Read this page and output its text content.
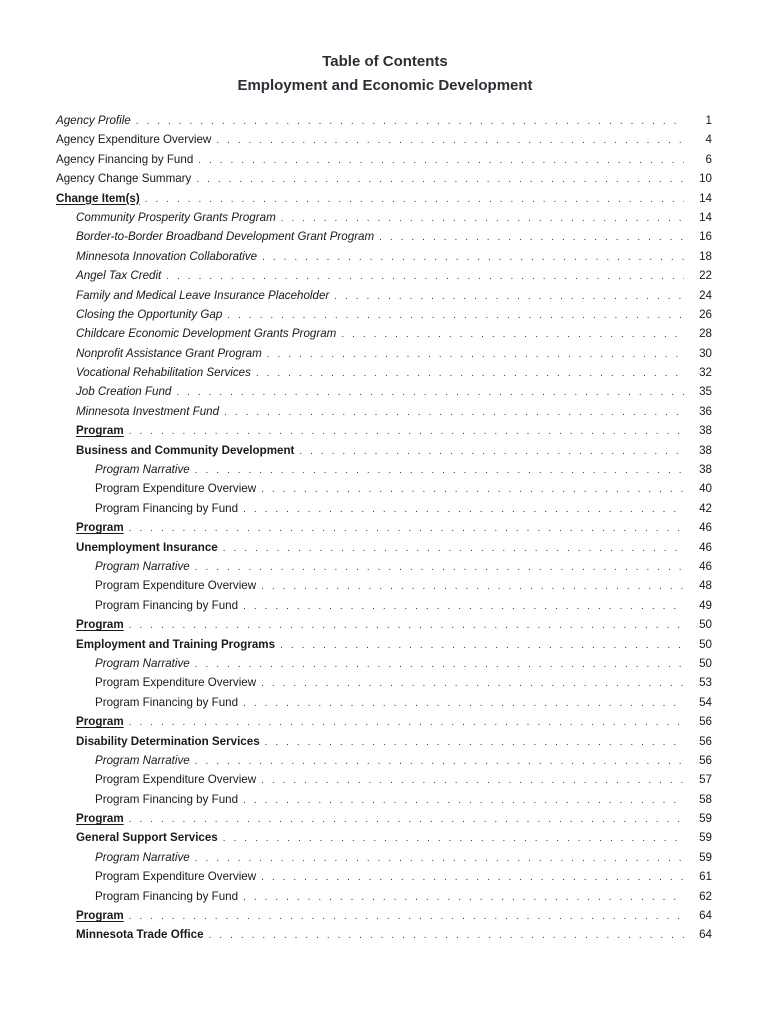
Table of Contents
Employment and Economic Development
Agency Profile . . .	1
Agency Expenditure Overview . . .	4
Agency Financing by Fund . . .	6
Agency Change Summary . . .	10
Change Item(s) . . .	14
Community Prosperity Grants Program . . .	14
Border-to-Border Broadband Development Grant Program . . .	16
Minnesota Innovation Collaborative . . .	18
Angel Tax Credit . . .	22
Family and Medical Leave Insurance Placeholder . . .	24
Closing the Opportunity Gap . . .	26
Childcare Economic Development Grants Program . . .	28
Nonprofit Assistance Grant Program . . .	30
Vocational Rehabilitation Services . . .	32
Job Creation Fund . . .	35
Minnesota Investment Fund . . .	36
Program . . .	38
Business and Community Development . . .	38
Program Narrative . . .	38
Program Expenditure Overview . . .	40
Program Financing by Fund . . .	42
Program . . .	46
Unemployment Insurance . . .	46
Program Narrative . . .	46
Program Expenditure Overview . . .	48
Program Financing by Fund . . .	49
Program . . .	50
Employment and Training Programs . . .	50
Program Narrative . . .	50
Program Expenditure Overview . . .	53
Program Financing by Fund . . .	54
Program . . .	56
Disability Determination Services . . .	56
Program Narrative . . .	56
Program Expenditure Overview . . .	57
Program Financing by Fund . . .	58
Program . . .	59
General Support Services . . .	59
Program Narrative . . .	59
Program Expenditure Overview . . .	61
Program Financing by Fund . . .	62
Program . . .	64
Minnesota Trade Office . . .	64
